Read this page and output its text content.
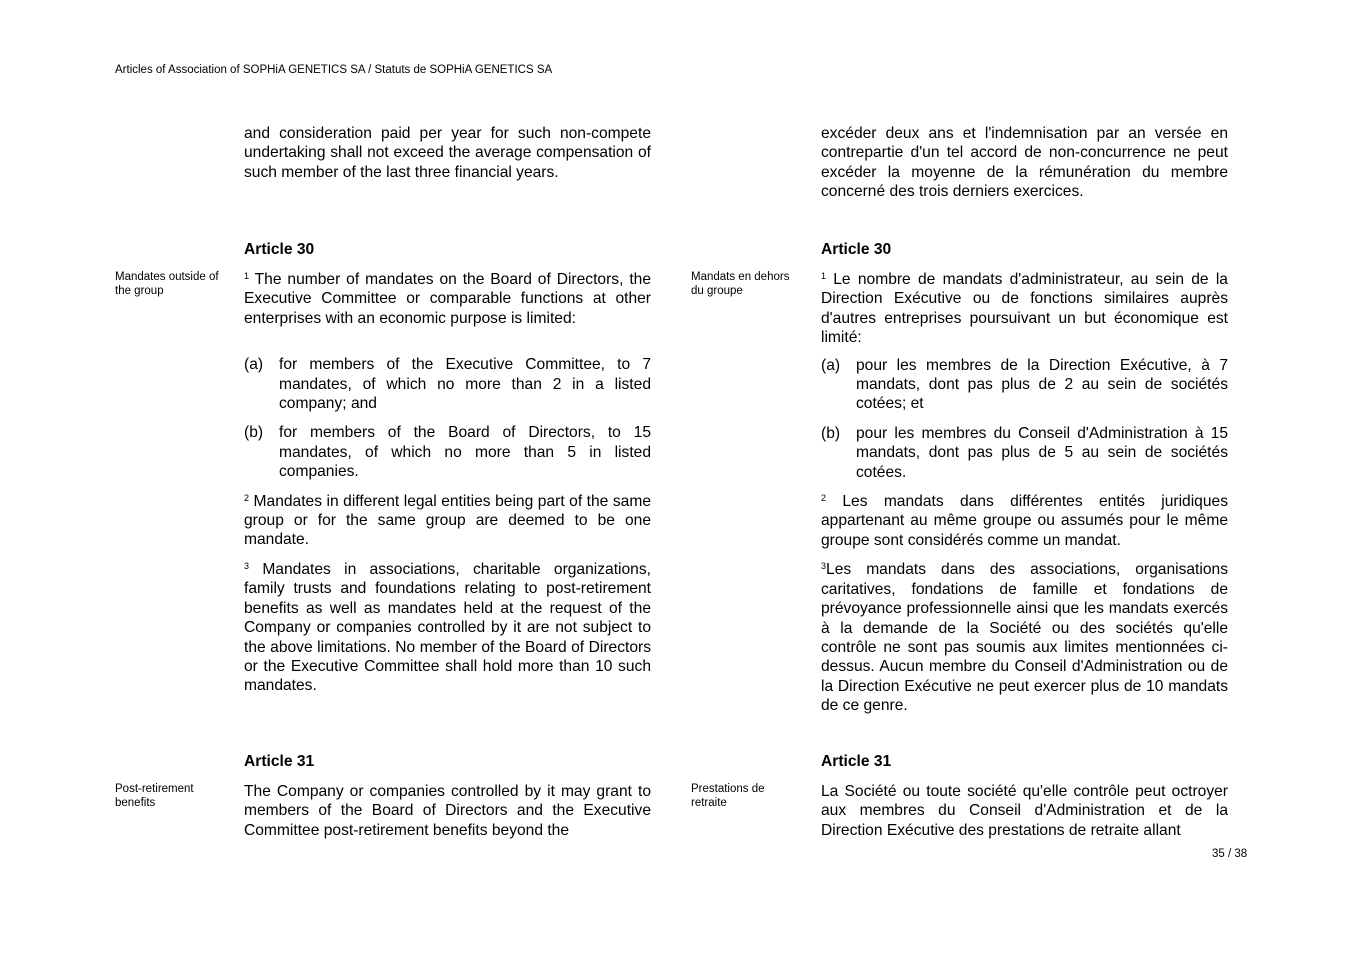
Articles of Association of SOPHiA GENETICS SA / Statuts de SOPHiA GENETICS SA

and consideration paid per year for such non-compete undertaking shall not exceed the average compensation of such member of the last three financial years.

Article 30
Mandates outside of the group

$^1$ The number of mandates on the Board of Directors, the Executive Committee or comparable functions at other enterprises with an economic purpose is limited:

(a)	for members of the Executive Committee, to 7 mandates, of which no more than 2 in a listed company; and
(b)	for members of the Board of Directors, to 15 mandates, of which no more than 5 in listed companies.

$^2$ Mandates in different legal entities being part of the same group or for the same group are deemed to be one mandate.

$^3$ Mandates in associations, charitable organizations, family trusts and foundations relating to post-retirement benefits as well as mandates held at the request of the Company or companies controlled by it are not subject to the above limitations. No member of the Board of Directors or the Executive Committee shall hold more than 10 such mandates.

Article 31
Post-retirement benefits

The Company or companies controlled by it may grant to members of the Board of Directors and the Executive Committee post-retirement benefits beyond the

excéder deux ans et l'indemnisation par an versée en contrepartie d'un tel accord de non-concurrence ne peut excéder la moyenne de la rémunération du membre concerné des trois derniers exercices.

Article 30
Mandats en dehors du groupe

$^1$ Le nombre de mandats d'administrateur, au sein de la Direction Exécutive ou de fonctions similaires auprès d'autres entreprises poursuivant un but économique est limité:

(a)	pour les membres de la Direction Exécutive, à 7 mandats, dont pas plus de 2 au sein de sociétés cotées; et
(b)	pour les membres du Conseil d'Administration à 15 mandats, dont pas plus de 5 au sein de sociétés cotées.

$^2$ Les mandats dans différentes entités juridiques appartenant au même groupe ou assumés pour le même groupe sont considérés comme un mandat.

$^3$Les mandats dans des associations, organisations caritatives, fondations de famille et fondations de prévoyance professionnelle ainsi que les mandats exercés à la demande de la Société ou des sociétés qu'elle contrôle ne sont pas soumis aux limites mentionnées ci-dessus. Aucun membre du Conseil d'Administration ou de la Direction Exécutive ne peut exercer plus de 10 mandats de ce genre.

Article 31
Prestations de retraite

La Société ou toute société qu'elle contrôle peut octroyer aux membres du Conseil d'Administration et de la Direction Exécutive des prestations de retraite allant

35 / 38
